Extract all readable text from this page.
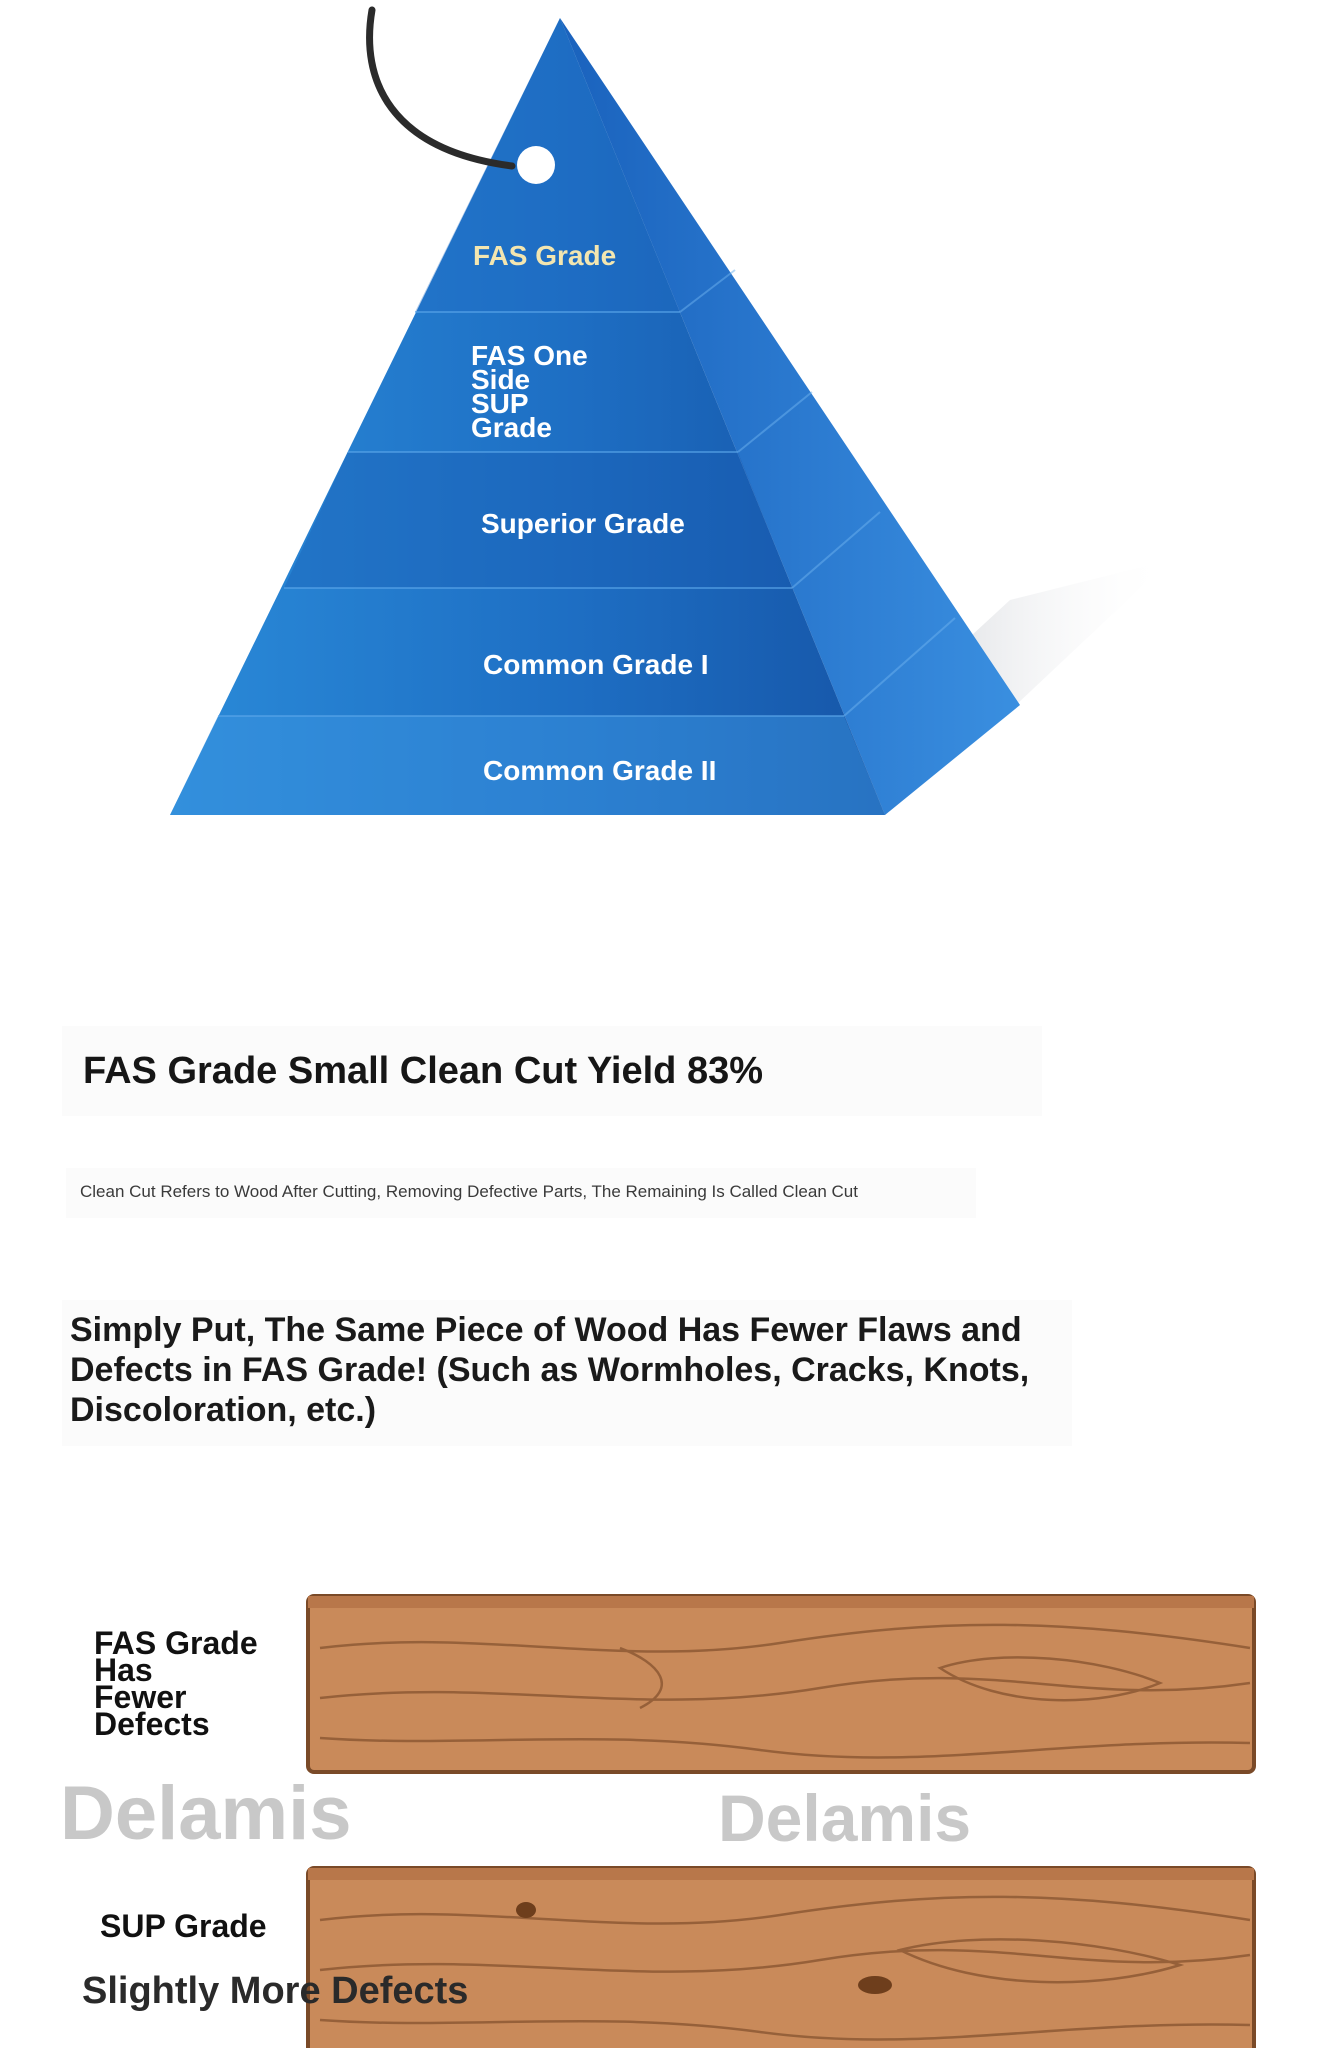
FAS Grade
FAS One
Side
SUP
Grade
Superior Grade
Common Grade I
Common Grade II
FAS Grade Small Clean Cut Yield 83%

Clean Cut Refers to Wood After Cutting, Removing Defective Parts, The Remaining Is Called Clean Cut

Simply Put, The Same Piece of Wood Has Fewer Flaws and Defects in FAS Grade! (Such as Wormholes, Cracks, Knots, Discoloration, etc.)

FAS Grade
Has
Fewer
Defects
SUP Grade
Slightly More Defects
Delamis	Delamis
